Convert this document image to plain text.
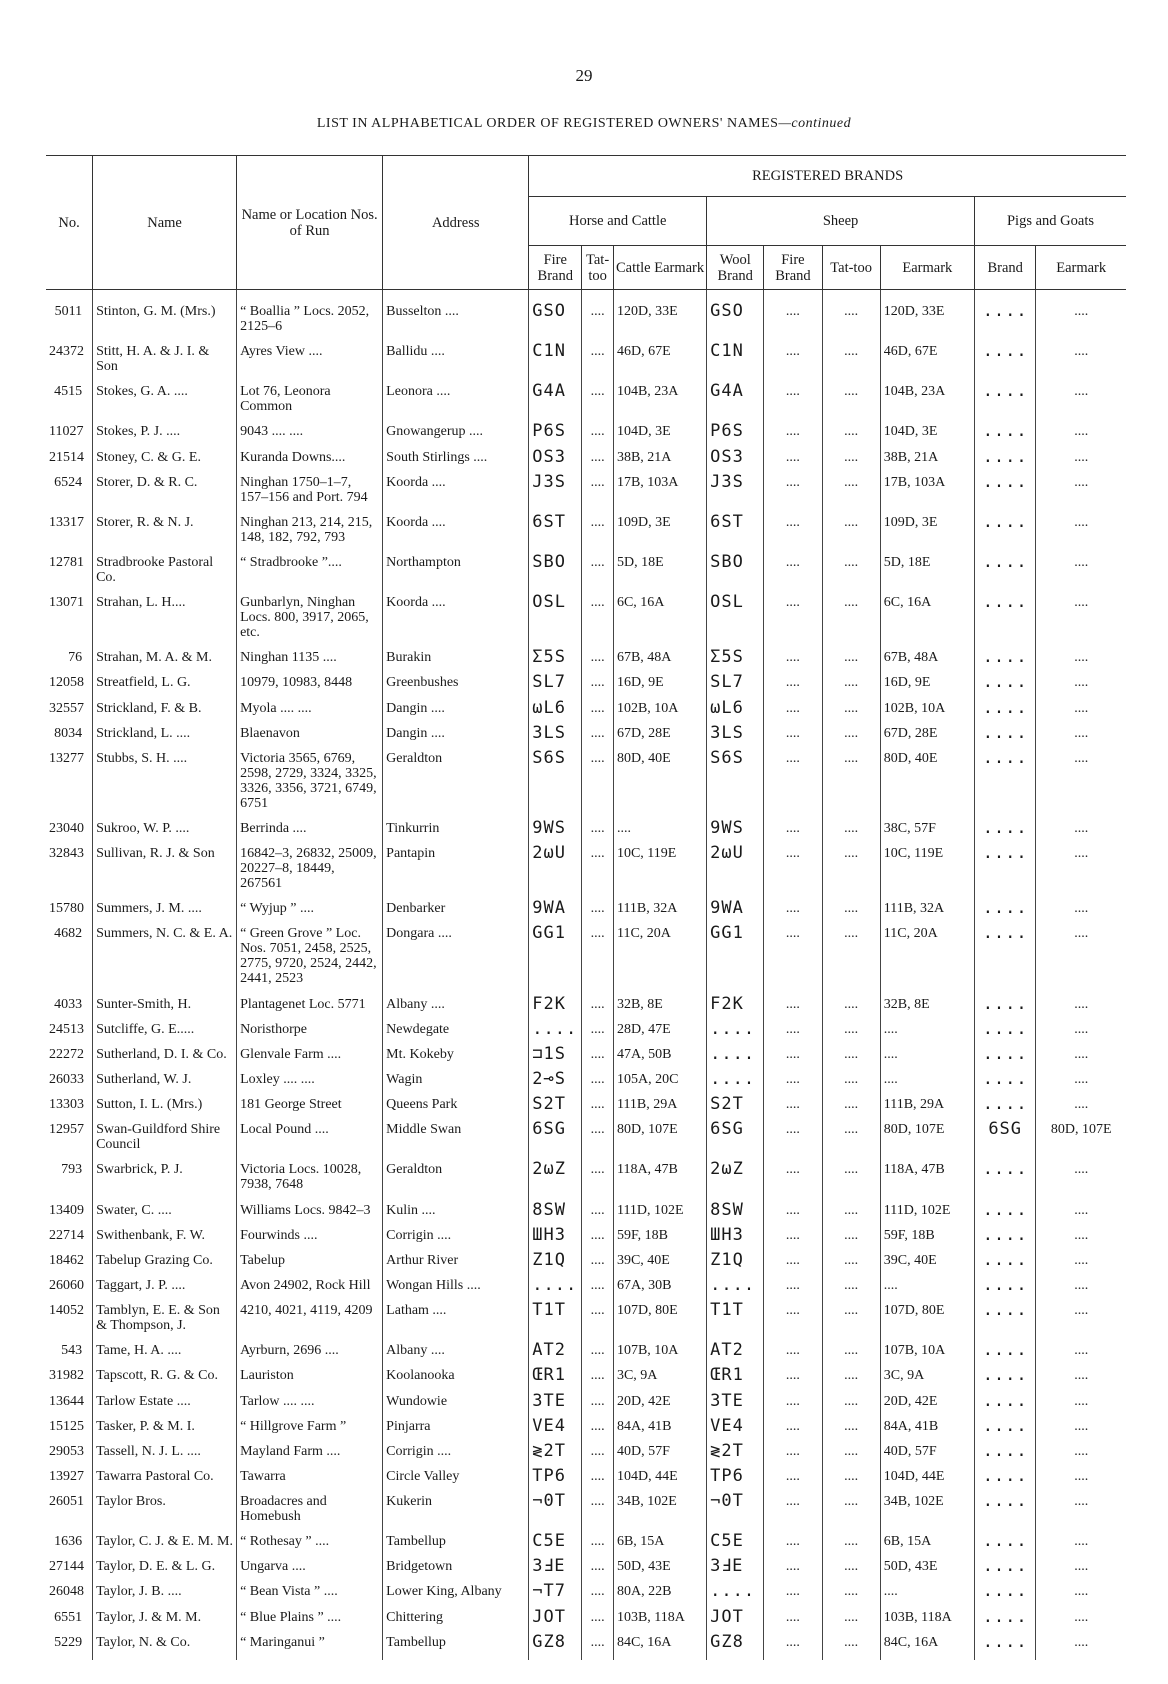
29
LIST IN ALPHABETICAL ORDER OF REGISTERED OWNERS' NAMES—continued
No.	Name	Name or Location Nos. of Run	Address	REGISTERED BRANDS								
				Horse and Cattle			Sheep				Pigs and Goats	
				Fire Brand	Tat-too	Cattle Earmark	Wool Brand	Fire Brand	Tat-too	Earmark	Brand	Earmark
5011	Stinton, G. M. (Mrs.)	“ Boallia ” Locs. 2052, 2125–6	Busselton ....	GSO	....	120D, 33E	GSO	....	....	120D, 33E	....	....
24372	Stitt, H. A. & J. I. & Son	Ayres View ....	Ballidu ....	C1N	....	46D, 67E	C1N	....	....	46D, 67E	....	....
4515	Stokes, G. A. ....	Lot 76, Leonora Common	Leonora ....	G4A	....	104B, 23A	G4A	....	....	104B, 23A	....	....
11027	Stokes, P. J. ....	9043 .... ....	Gnowangerup ....	P6S	....	104D, 3E	P6S	....	....	104D, 3E	....	....
21514	Stoney, C. & G. E.	Kuranda Downs....	South Stirlings ....	OS3	....	38B, 21A	OS3	....	....	38B, 21A	....	....
6524	Storer, D. & R. C.	Ninghan 1750–1–7, 157–156 and Port. 794	Koorda ....	J3S	....	17B, 103A	J3S	....	....	17B, 103A	....	....
13317	Storer, R. & N. J.	Ninghan 213, 214, 215, 148, 182, 792, 793	Koorda ....	6ST	....	109D, 3E	6ST	....	....	109D, 3E	....	....
12781	Stradbrooke Pastoral Co.	“ Stradbrooke ”....	Northampton	SBO	....	5D, 18E	SBO	....	....	5D, 18E	....	....
13071	Strahan, L. H....	Gunbarlyn, Ninghan Locs. 800, 3917, 2065, etc.	Koorda ....	OSL	....	6C, 16A	OSL	....	....	6C, 16A	....	....
76	Strahan, M. A. & M.	Ninghan 1135 ....	Burakin	Σ5S	....	67B, 48A	Σ5S	....	....	67B, 48A	....	....
12058	Streatfield, L. G.	10979, 10983, 8448	Greenbushes	SL7	....	16D, 9E	SL7	....	....	16D, 9E	....	....
32557	Strickland, F. & B.	Myola .... ....	Dangin ....	ωL6	....	102B, 10A	ωL6	....	....	102B, 10A	....	....
8034	Strickland, L. ....	Blaenavon	Dangin ....	3LS	....	67D, 28E	3LS	....	....	67D, 28E	....	....
13277	Stubbs, S. H. ....	Victoria 3565, 6769, 2598, 2729, 3324, 3325, 3326, 3356, 3721, 6749, 6751	Geraldton	S6S	....	80D, 40E	S6S	....	....	80D, 40E	....	....
23040	Sukroo, W. P. ....	Berrinda ....	Tinkurrin	9WS	....	....	9WS	....	....	38C, 57F	....	....
32843	Sullivan, R. J. & Son	16842–3, 26832, 25009, 20227–8, 18449, 267561	Pantapin	2ωU	....	10C, 119E	2ωU	....	....	10C, 119E	....	....
15780	Summers, J. M. ....	“ Wyjup ” ....	Denbarker	9WA	....	111B, 32A	9WA	....	....	111B, 32A	....	....
4682	Summers, N. C. & E. A.	“ Green Grove ” Loc. Nos. 7051, 2458, 2525, 2775, 9720, 2524, 2442, 2441, 2523	Dongara ....	GG1	....	11C, 20A	GG1	....	....	11C, 20A	....	....
4033	Sunter-Smith, H.	Plantagenet Loc. 5771	Albany ....	F2K	....	32B, 8E	F2K	....	....	32B, 8E	....	....
24513	Sutcliffe, G. E.....	Noristhorpe	Newdegate	....	....	28D, 47E	....	....	....	....	....	....
22272	Sutherland, D. I. & Co.	Glenvale Farm ....	Mt. Kokeby	⊐1S	....	47A, 50B	....	....	....	....	....	....
26033	Sutherland, W. J.	Loxley .... ....	Wagin	2⊸S	....	105A, 20C	....	....	....	....	....	....
13303	Sutton, I. L. (Mrs.)	181 George Street	Queens Park	S2T	....	111B, 29A	S2T	....	....	111B, 29A	....	....
12957	Swan-Guildford Shire Council	Local Pound ....	Middle Swan	6SG	....	80D, 107E	6SG	....	....	80D, 107E	6SG	80D, 107E
793	Swarbrick, P. J.	Victoria Locs. 10028, 7938, 7648	Geraldton	2ωZ	....	118A, 47B	2ωZ	....	....	118A, 47B	....	....
13409	Swater, C. ....	Williams Locs. 9842–3	Kulin ....	8SW	....	111D, 102E	8SW	....	....	111D, 102E	....	....
22714	Swithenbank, F. W.	Fourwinds ....	Corrigin ....	ШH3	....	59F, 18B	ШH3	....	....	59F, 18B	....	....
18462	Tabelup Grazing Co.	Tabelup	Arthur River	Z1Q	....	39C, 40E	Z1Q	....	....	39C, 40E	....	....
26060	Taggart, J. P. ....	Avon 24902, Rock Hill	Wongan Hills ....	....	....	67A, 30B	....	....	....	....	....	....
14052	Tamblyn, E. E. & Son & Thompson, J.	4210, 4021, 4119, 4209	Latham ....	T1T	....	107D, 80E	T1T	....	....	107D, 80E	....	....
543	Tame, H. A. ....	Ayrburn, 2696 ....	Albany ....	AT2	....	107B, 10A	AT2	....	....	107B, 10A	....	....
31982	Tapscott, R. G. & Co.	Lauriston	Koolanooka	ŒR1	....	3C, 9A	ŒR1	....	....	3C, 9A	....	....
13644	Tarlow Estate ....	Tarlow .... ....	Wundowie	3TE	....	20D, 42E	3TE	....	....	20D, 42E	....	....
15125	Tasker, P. & M. I.	“ Hillgrove Farm ”	Pinjarra	VE4	....	84A, 41B	VE4	....	....	84A, 41B	....	....
29053	Tassell, N. J. L. ....	Mayland Farm ....	Corrigin ....	≷2T	....	40D, 57F	≷2T	....	....	40D, 57F	....	....
13927	Tawarra Pastoral Co.	Tawarra	Circle Valley	TP6	....	104D, 44E	TP6	....	....	104D, 44E	....	....
26051	Taylor Bros.	Broadacres and Homebush	Kukerin	¬0T	....	34B, 102E	¬0T	....	....	34B, 102E	....	....
1636	Taylor, C. J. & E. M. M.	“ Rothesay ” ....	Tambellup	C5E	....	6B, 15A	C5E	....	....	6B, 15A	....	....
27144	Taylor, D. E. & L. G.	Ungarva ....	Bridgetown	3ℲE	....	50D, 43E	3ℲE	....	....	50D, 43E	....	....
26048	Taylor, J. B. ....	“ Bean Vista ” ....	Lower King, Albany	¬T7	....	80A, 22B	....	....	....	....	....	....
6551	Taylor, J. & M. M.	“ Blue Plains ” ....	Chittering	JOT	....	103B, 118A	JOT	....	....	103B, 118A	....	....
5229	Taylor, N. & Co.	“ Maringanui ”	Tambellup	GZ8	....	84C, 16A	GZ8	....	....	84C, 16A	....	....
